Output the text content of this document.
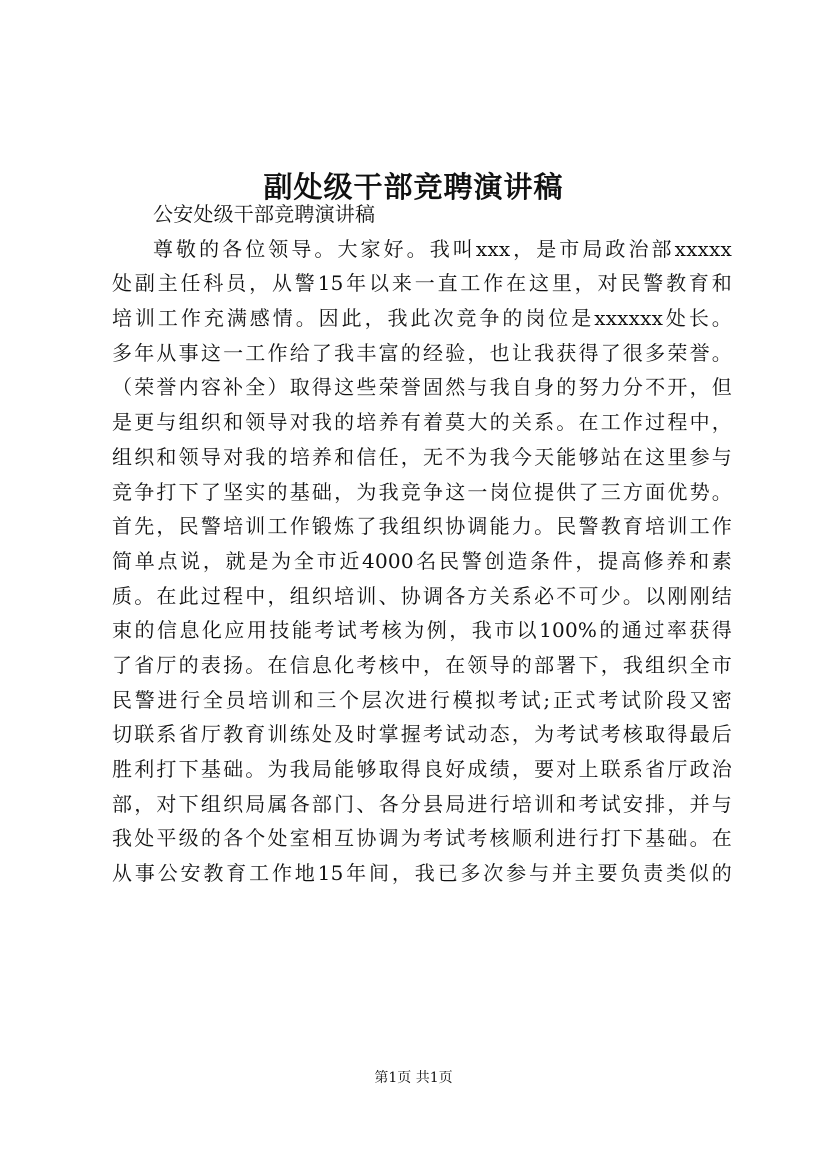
副处级干部竞聘演讲稿
公安处级干部竞聘演讲稿
尊敬的各位领导。大家好。我叫xxx，是市局政治部xxxxx
处副主任科员，从警15年以来一直工作在这里，对民警教育和
培训工作充满感情。因此，我此次竞争的岗位是xxxxxx处长。
多年从事这一工作给了我丰富的经验，也让我获得了很多荣誉。
（荣誉内容补全）取得这些荣誉固然与我自身的努力分不开，但
是更与组织和领导对我的培养有着莫大的关系。在工作过程中，
组织和领导对我的培养和信任，无不为我今天能够站在这里参与
竞争打下了坚实的基础，为我竞争这一岗位提供了三方面优势。
首先，民警培训工作锻炼了我组织协调能力。民警教育培训工作
简单点说，就是为全市近4000名民警创造条件，提高修养和素
质。在此过程中，组织培训、协调各方关系必不可少。以刚刚结
束的信息化应用技能考试考核为例，我市以100%的通过率获得
了省厅的表扬。在信息化考核中，在领导的部署下，我组织全市
民警进行全员培训和三个层次进行模拟考试;正式考试阶段又密
切联系省厅教育训练处及时掌握考试动态，为考试考核取得最后
胜利打下基础。为我局能够取得良好成绩，要对上联系省厅政治
部，对下组织局属各部门、各分县局进行培训和考试安排，并与
我处平级的各个处室相互协调为考试考核顺利进行打下基础。在
从事公安教育工作地15年间，我已多次参与并主要负责类似的
第1页 共1页
